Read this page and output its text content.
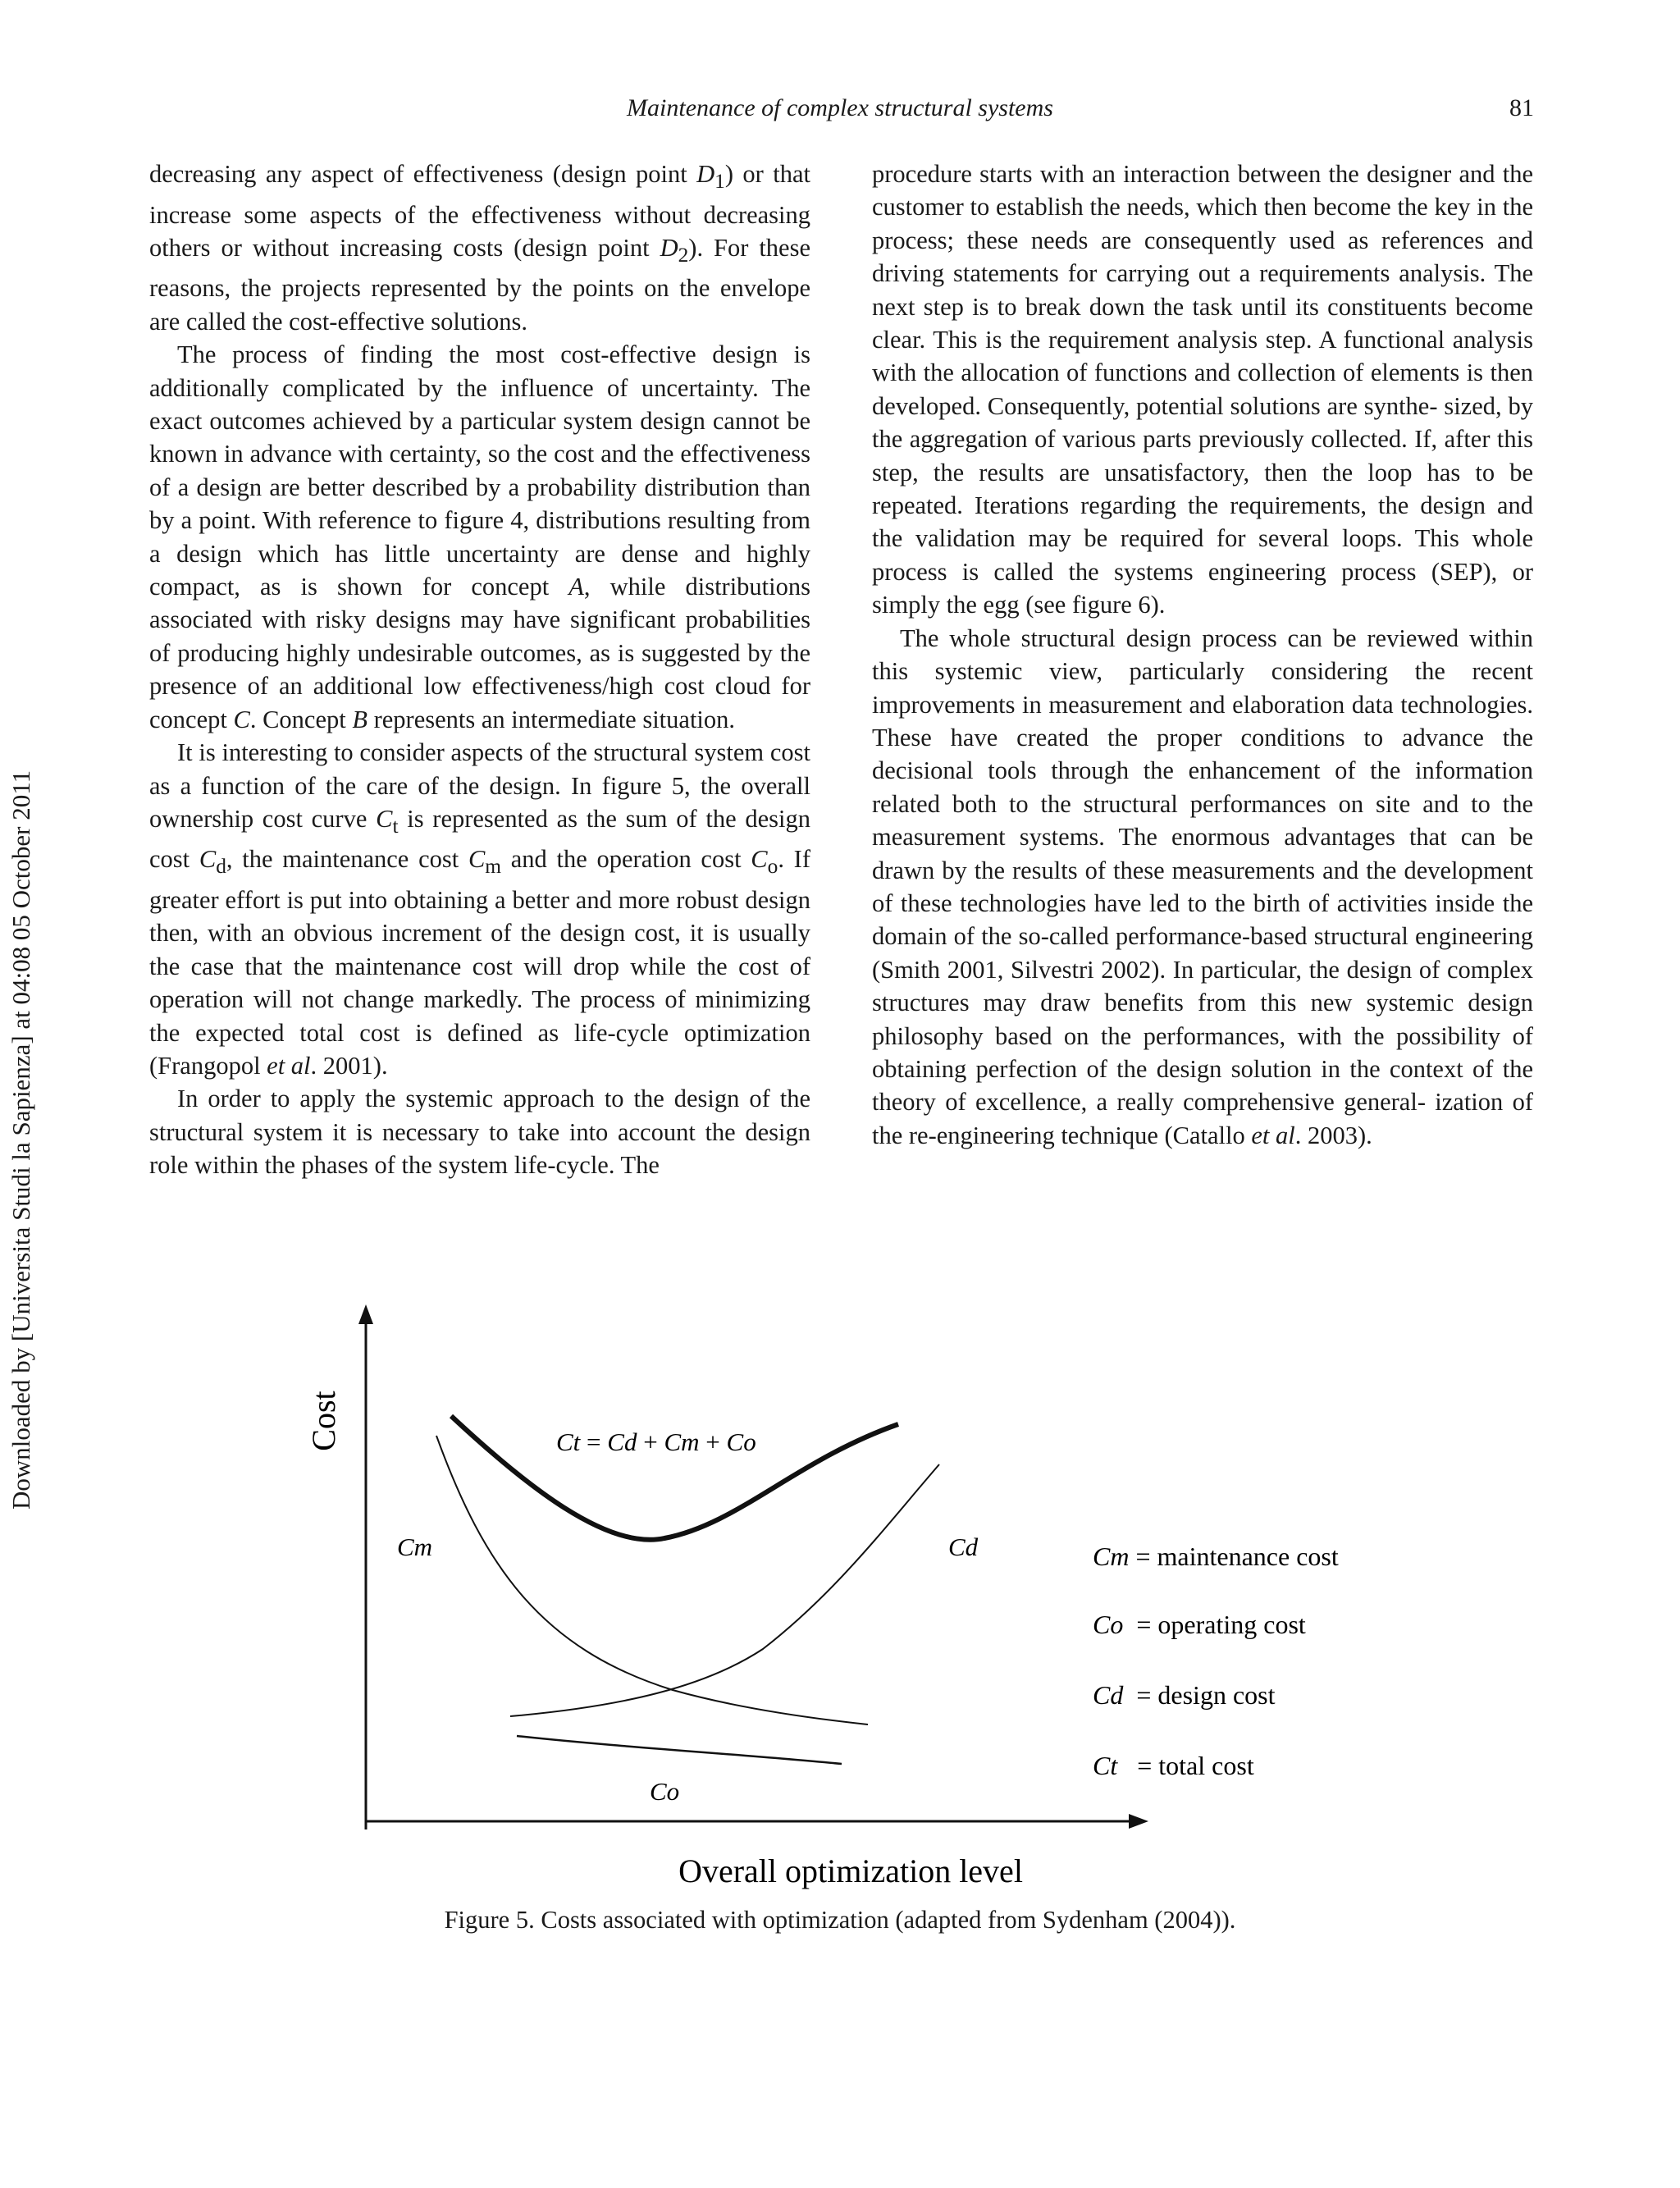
Maintenance of complex structural systems	81
Downloaded by [Universita Studi la Sapienza] at 04:08 05 October 2011

decreasing any aspect of effectiveness (design point $D_1$) or that increase some aspects of the effectiveness without decreasing others or without increasing costs (design point $D_2$). For these reasons, the projects represented by the points on the envelope are called the cost-effective solutions.

The process of finding the most cost-effective design is additionally complicated by the influence of uncertainty. The exact outcomes achieved by a particular system design cannot be known in advance with certainty, so the cost and the effectiveness of a design are better described by a probability distribution than by a point. With reference to figure 4, distributions resulting from a design which has little uncertainty are dense and highly compact, as is shown for concept A, while distributions associated with risky designs may have significant probabilities of producing highly undesirable outcomes, as is suggested by the presence of an additional low effectiveness/high cost cloud for concept C. Concept B represents an intermediate situation.

It is interesting to consider aspects of the structural system cost as a function of the care of the design. In figure 5, the overall ownership cost curve $C_t$ is represented as the sum of the design cost $C_d$, the maintenance cost $C_m$ and the operation cost $C_o$. If greater effort is put into obtaining a better and more robust design then, with an obvious increment of the design cost, it is usually the case that the maintenance cost will drop while the cost of operation will not change markedly. The process of minimizing the expected total cost is defined as life-cycle optimization (Frangopol et al. 2001).

In order to apply the systemic approach to the design of the structural system it is necessary to take into account the design role within the phases of the system life-cycle. The

procedure starts with an interaction between the designer and the customer to establish the needs, which then become the key in the process; these needs are consequently used as references and driving statements for carrying out a requirements analysis. The next step is to break down the task until its constituents become clear. This is the requirement analysis step. A functional analysis with the allocation of functions and collection of elements is then developed. Consequently, potential solutions are synthe- sized, by the aggregation of various parts previously collected. If, after this step, the results are unsatisfactory, then the loop has to be repeated. Iterations regarding the requirements, the design and the validation may be required for several loops. This whole process is called the systems engineering process (SEP), or simply the egg (see figure 6).

The whole structural design process can be reviewed within this systemic view, particularly considering the recent improvements in measurement and elaboration data technologies. These have created the proper conditions to advance the decisional tools through the enhancement of the information related both to the structural performances on site and to the measurement systems. The enormous advantages that can be drawn by the results of these measurements and the development of these technologies have led to the birth of activities inside the domain of the so-called performance-based structural engineering (Smith 2001, Silvestri 2002). In particular, the design of complex structures may draw benefits from this new systemic design philosophy based on the performances, with the possibility of obtaining perfection of the design solution in the context of the theory of excellence, a really comprehensive general- ization of the re-engineering technique (Catallo et al. 2003).

Cost
Overall optimization level
Ct = Cd + Cm + Co
Cm	Cd
Co
Cm = maintenance cost
Co  = operating cost
Cd  = design cost
Ct   = total cost
Figure 5. Costs associated with optimization (adapted from Sydenham (2004)).
